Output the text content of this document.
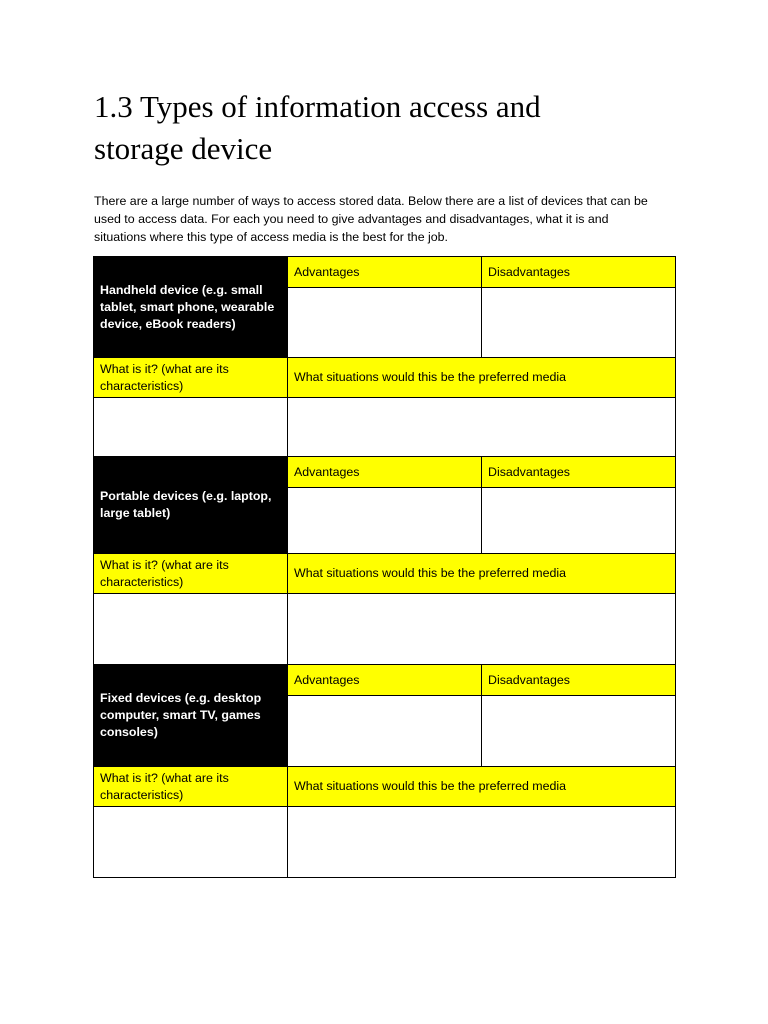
1.3 Types of information access and
storage device

There are a large number of ways to access stored data. Below there are a list of devices that can be
used to access data. For each you need to give advantages and disadvantages, what it is and
situations where this type of access media is the best for the job.

Handheld device (e.g. small
tablet, smart phone, wearable
device, eBook readers)	Advantages	Disadvantages

What is it? (what are its
characteristics)	What situations would this be the preferred media	

Portable devices (e.g. laptop,
large tablet)	Advantages	Disadvantages

What is it? (what are its
characteristics)	What situations would this be the preferred media	

Fixed devices (e.g. desktop
computer, smart TV, games
consoles)	Advantages	Disadvantages

What is it? (what are its
characteristics)	What situations would this be the preferred media	
